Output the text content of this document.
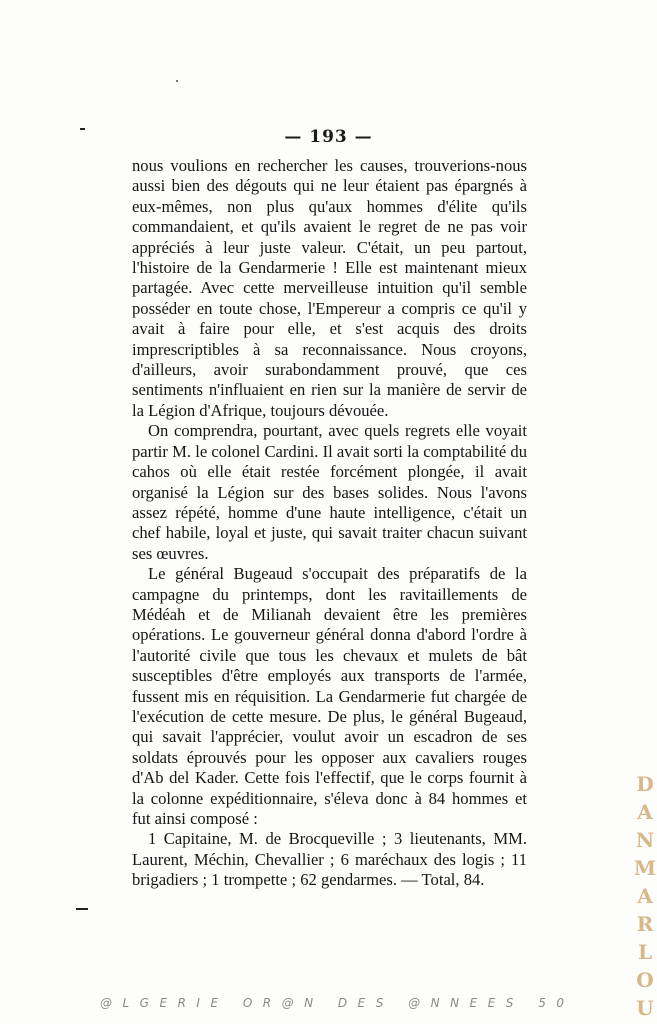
— 193 —

nous voulions en rechercher les causes, trouverions-nous aussi bien des dégouts qui ne leur étaient pas épargnés à eux-mêmes, non plus qu'aux hommes d'élite qu'ils commandaient, et qu'ils avaient le regret de ne pas voir appréciés à leur juste valeur. C'était, un peu partout, l'histoire de la Gendarmerie ! Elle est maintenant mieux partagée. Avec cette merveilleuse intuition qu'il semble posséder en toute chose, l'Empereur a compris ce qu'il y avait à faire pour elle, et s'est acquis des droits imprescriptibles à sa reconnaissance. Nous croyons, d'ailleurs, avoir surabondamment prouvé, que ces sentiments n'influaient en rien sur la manière de servir de la Légion d'Afrique, toujours dévouée.

On comprendra, pourtant, avec quels regrets elle voyait partir M. le colonel Cardini. Il avait sorti la comptabilité du cahos où elle était restée forcément plongée, il avait organisé la Légion sur des bases solides. Nous l'avons assez répété, homme d'une haute intelligence, c'était un chef habile, loyal et juste, qui savait traiter chacun suivant ses œuvres.

Le général Bugeaud s'occupait des préparatifs de la campagne du printemps, dont les ravitaillements de Médéah et de Milianah devaient être les premières opérations. Le gouverneur général donna d'abord l'ordre à l'autorité civile que tous les chevaux et mulets de bât susceptibles d'être employés aux transports de l'armée, fussent mis en réquisition. La Gendarmerie fut chargée de l'exécution de cette mesure. De plus, le général Bugeaud, qui savait l'apprécier, voulut avoir un escadron de ses soldats éprouvés pour les opposer aux cavaliers rouges d'Ab del Kader. Cette fois l'effectif, que le corps fournit à la colonne expéditionnaire, s'éleva donc à 84 hommes et fut ainsi composé :

1 Capitaine, M. de Brocqueville ; 3 lieutenants, MM. Laurent, Méchin, Chevallier ; 6 maréchaux des logis ; 11 brigadiers ; 1 trompette ; 62 gendarmes. — Total, 84.	DANMARLOU
@LGERIE OR@N DES @NNEES 50
